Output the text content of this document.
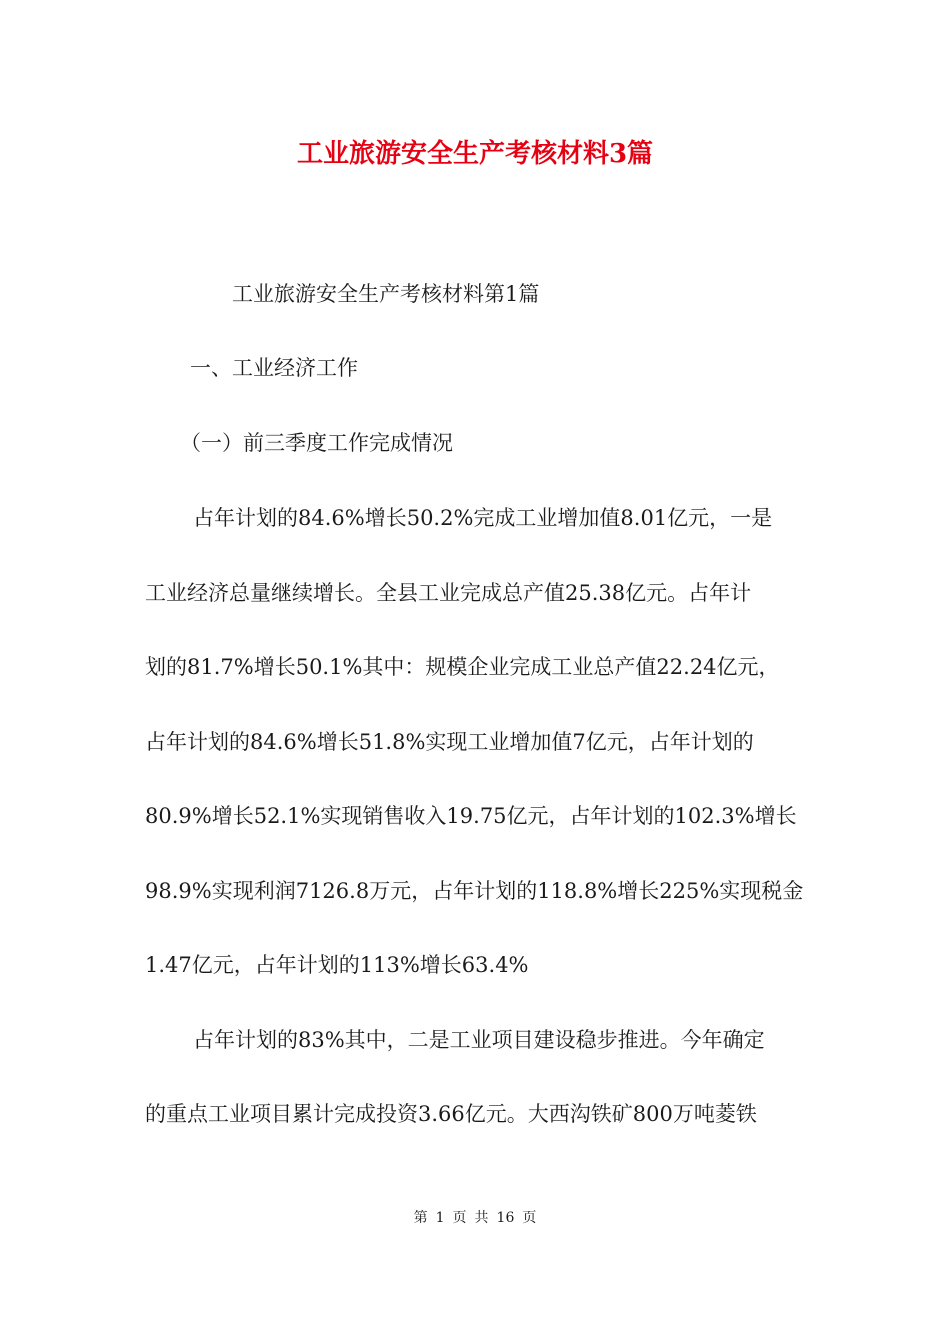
工业旅游安全生产考核材料3篇
工业旅游安全生产考核材料第1篇
一、工业经济工作
（一）前三季度工作完成情况
占年计划的84.6%增长50.2%完成工业增加值8.01亿元，一是
工业经济总量继续增长。全县工业完成总产值25.38亿元。占年计
划的81.7%增长50.1%其中：规模企业完成工业总产值22.24亿元，
占年计划的84.6%增长51.8%实现工业增加值7亿元，占年计划的
80.9%增长52.1%实现销售收入19.75亿元，占年计划的102.3%增长
98.9%实现利润7126.8万元，占年计划的118.8%增长225%实现税金
1.47亿元，占年计划的113%增长63.4%
占年计划的83%其中，二是工业项目建设稳步推进。今年确定
的重点工业项目累计完成投资3.66亿元。大西沟铁矿800万吨菱铁
第 1 页 共 16 页
